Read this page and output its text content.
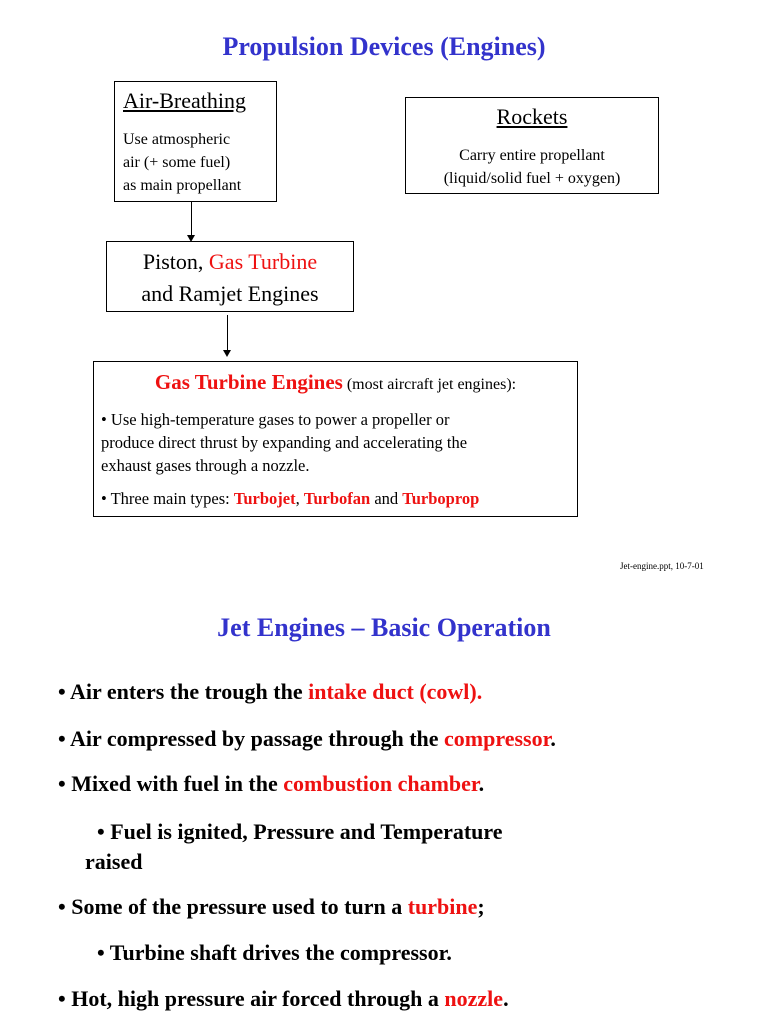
Propulsion Devices (Engines)
Air-Breathing
Use atmospheric
air (+ some fuel)
as main propellant
Rockets
Carry entire propellant
(liquid/solid fuel + oxygen)
Piston, Gas Turbine
and Ramjet Engines
Gas Turbine Engines (most aircraft jet engines):
• Use high-temperature gases to power a propeller or
produce direct thrust by expanding and accelerating the
exhaust gases through a nozzle.
• Three main types: Turbojet, Turbofan and Turboprop
Jet-engine.ppt, 10-7-01
Jet Engines – Basic Operation
• Air enters the trough the intake duct (cowl).
• Air compressed by passage through the compressor.
• Mixed with fuel in the combustion chamber.
• Fuel is ignited, Pressure and Temperature
raised
• Some of the pressure used to turn a turbine;
• Turbine shaft drives the compressor.
• Hot, high pressure air forced through a nozzle.
